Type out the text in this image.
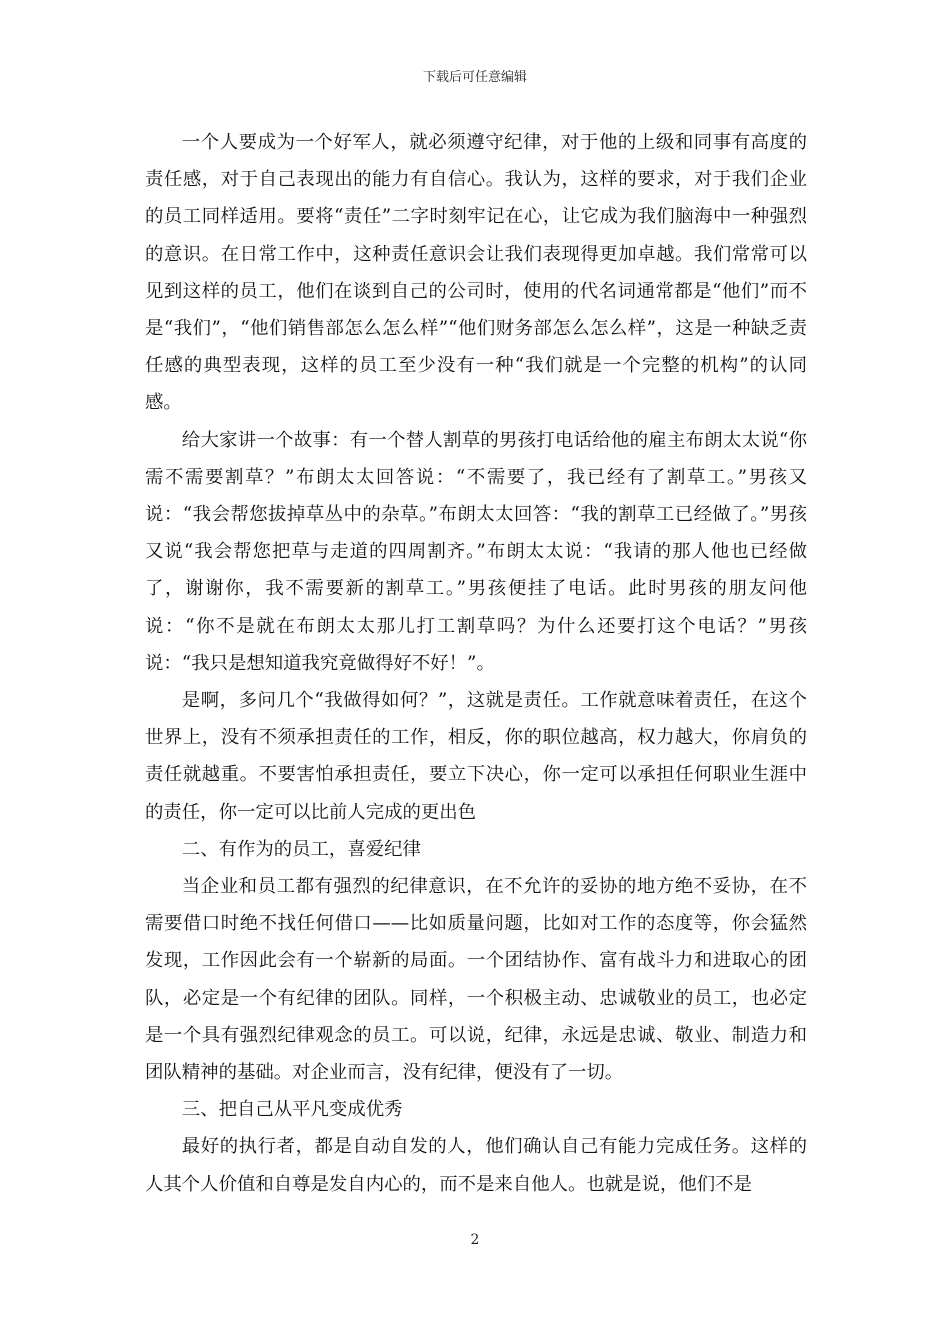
下载后可任意编辑

一个人要成为一个好军人，就必须遵守纪律，对于他的上级和同事有高度的责任感，对于自己表现出的能力有自信心。我认为，这样的要求，对于我们企业的员工同样适用。要将“责任”二字时刻牢记在心，让它成为我们脑海中一种强烈的意识。在日常工作中，这种责任意识会让我们表现得更加卓越。我们常常可以见到这样的员工，他们在谈到自己的公司时，使用的代名词通常都是“他们”而不是“我们”，“他们销售部怎么怎么样”“他们财务部怎么怎么样”，这是一种缺乏责任感的典型表现，这样的员工至少没有一种“我们就是一个完整的机构”的认同感。

给大家讲一个故事：有一个替人割草的男孩打电话给他的雇主布朗太太说“你需不需要割草？”布朗太太回答说：“不需要了，我已经有了割草工。”男孩又说：“我会帮您拔掉草丛中的杂草。”布朗太太回答：“我的割草工已经做了。”男孩又说“我会帮您把草与走道的四周割齐。”布朗太太说：“我请的那人他也已经做了，谢谢你，我不需要新的割草工。”男孩便挂了电话。此时男孩的朋友问他说：“你不是就在布朗太太那儿打工割草吗？为什么还要打这个电话？”男孩说：“我只是想知道我究竟做得好不好！”。

是啊，多问几个“我做得如何？”，这就是责任。工作就意味着责任，在这个世界上，没有不须承担责任的工作，相反，你的职位越高，权力越大，你肩负的责任就越重。不要害怕承担责任，要立下决心，你一定可以承担任何职业生涯中的责任，你一定可以比前人完成的更出色

二、有作为的员工，喜爱纪律

当企业和员工都有强烈的纪律意识，在不允许的妥协的地方绝不妥协，在不需要借口时绝不找任何借口——比如质量问题，比如对工作的态度等，你会猛然发现，工作因此会有一个崭新的局面。一个团结协作、富有战斗力和进取心的团队，必定是一个有纪律的团队。同样，一个积极主动、忠诚敬业的员工，也必定是一个具有强烈纪律观念的员工。可以说，纪律，永远是忠诚、敬业、制造力和团队精神的基础。对企业而言，没有纪律，便没有了一切。

三、把自己从平凡变成优秀

最好的执行者，都是自动自发的人，他们确认自己有能力完成任务。这样的人其个人价值和自尊是发自内心的，而不是来自他人。也就是说，他们不是

2
